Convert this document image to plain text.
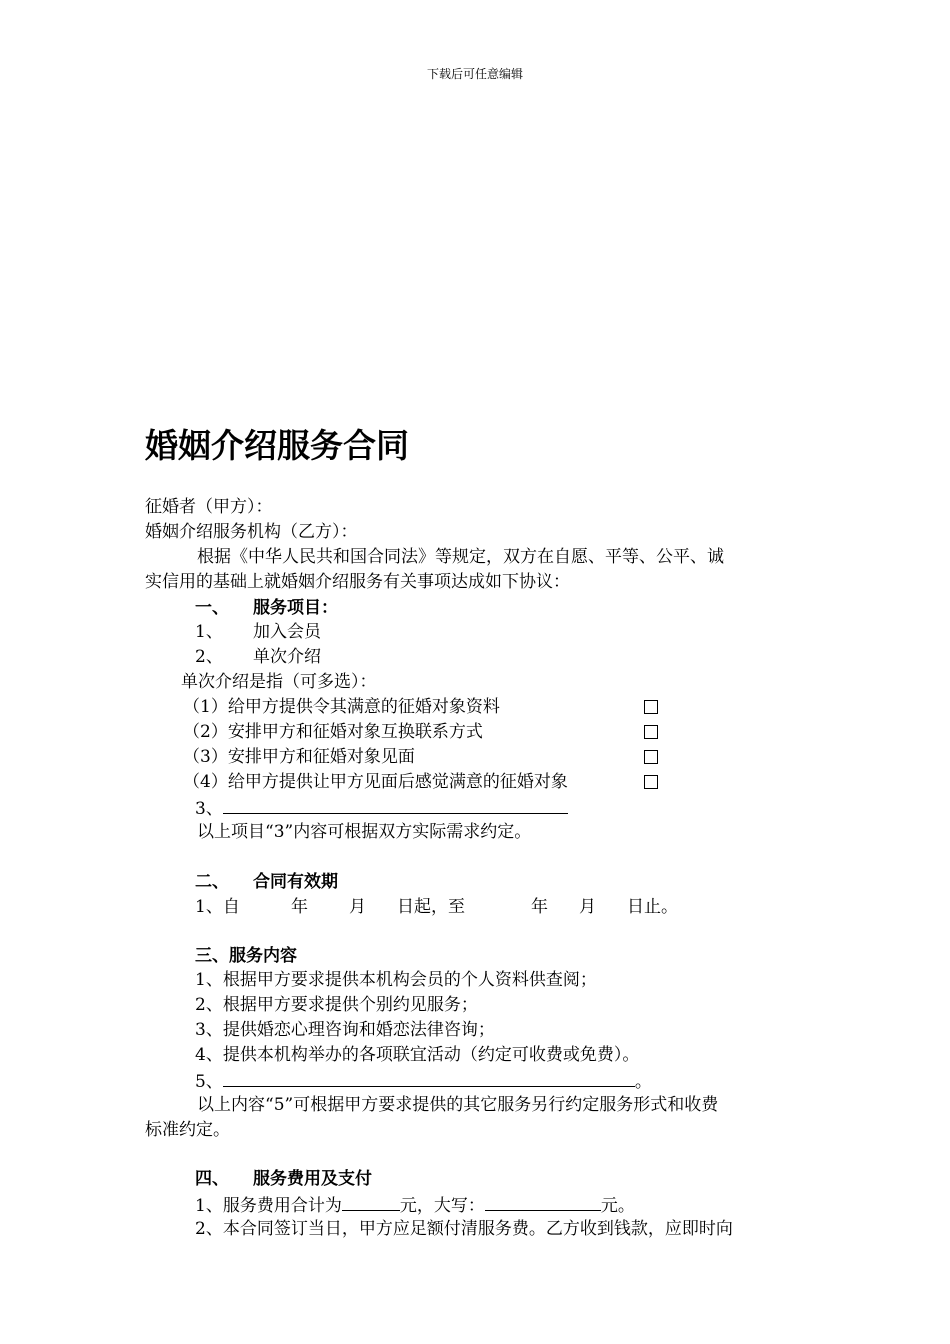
下载后可任意编辑
婚姻介绍服务合同
征婚者（甲方）：
婚姻介绍服务机构（乙方）：
根据《中华人民共和国合同法》等规定，双方在自愿、平等、公平、诚
实信用的基础上就婚姻介绍服务有关事项达成如下协议：
一、 服务项目：
1、 加入会员
2、 单次介绍
单次介绍是指（可多选）：
（1）给甲方提供令其满意的征婚对象资料
（2）安排甲方和征婚对象互换联系方式
（3）安排甲方和征婚对象见面
（4）给甲方提供让甲方见面后感觉满意的征婚对象
3、
以上项目“3”内容可根据双方实际需求约定。
二、 合同有效期
1、自	年 月 日起，至	年 月 日止。
三、服务内容
1、根据甲方要求提供本机构会员的个人资料供查阅；
2、根据甲方要求提供个别约见服务；
3、提供婚恋心理咨询和婚恋法律咨询；
4、提供本机构举办的各项联宜活动（约定可收费或免费）。
5、	。
以上内容“5”可根据甲方要求提供的其它服务另行约定服务形式和收费
标准约定。
四、 服务费用及支付
1、服务费用合计为	元，大写：	元。
2、本合同签订当日，甲方应足额付清服务费。乙方收到钱款，应即时向
